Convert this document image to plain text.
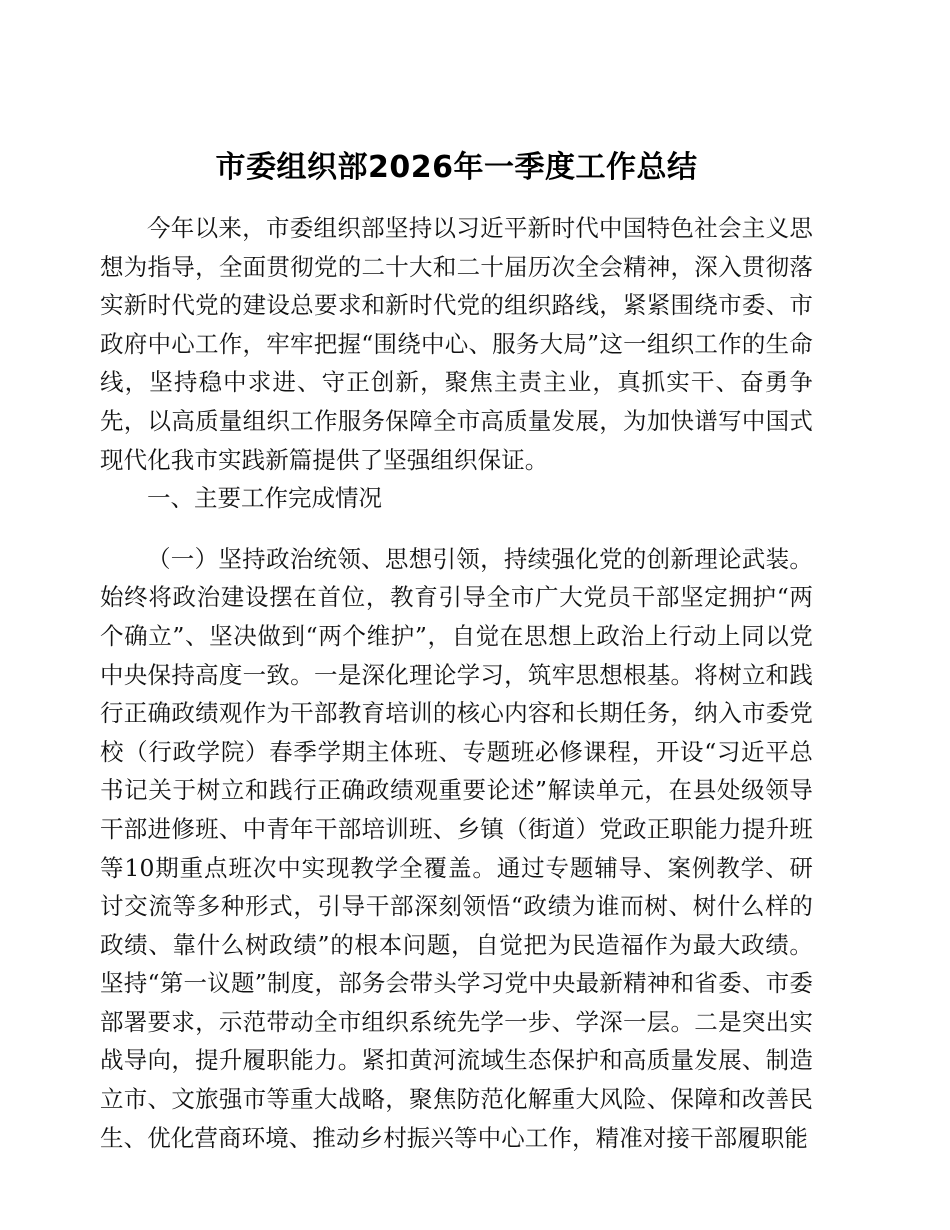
市委组织部2026年一季度工作总结

今年以来，市委组织部坚持以习近平新时代中国特色社会主义思想为指导，全面贯彻党的二十大和二十届历次全会精神，深入贯彻落实新时代党的建设总要求和新时代党的组织路线，紧紧围绕市委、市政府中心工作，牢牢把握“围绕中心、服务大局”这一组织工作的生命线，坚持稳中求进、守正创新，聚焦主责主业，真抓实干、奋勇争先，以高质量组织工作服务保障全市高质量发展，为加快谱写中国式现代化我市实践新篇提供了坚强组织保证。

一、主要工作完成情况

（一）坚持政治统领、思想引领，持续强化党的创新理论武装。始终将政治建设摆在首位，教育引导全市广大党员干部坚定拥护“两个确立”、坚决做到“两个维护”，自觉在思想上政治上行动上同以党中央保持高度一致。一是深化理论学习，筑牢思想根基。将树立和践行正确政绩观作为干部教育培训的核心内容和长期任务，纳入市委党校（行政学院）春季学期主体班、专题班必修课程，开设“习近平总书记关于树立和践行正确政绩观重要论述”解读单元，在县处级领导干部进修班、中青年干部培训班、乡镇（街道）党政正职能力提升班等10期重点班次中实现教学全覆盖。通过专题辅导、案例教学、研讨交流等多种形式，引导干部深刻领悟“政绩为谁而树、树什么样的政绩、靠什么树政绩”的根本问题，自觉把为民造福作为最大政绩。坚持“第一议题”制度，部务会带头学习党中央最新精神和省委、市委部署要求，示范带动全市组织系统先学一步、学深一层。二是突出实战导向，提升履职能力。紧扣黄河流域生态保护和高质量发展、制造立市、文旅强市等重大战略，聚焦防范化解重大风险、保障和改善民生、优化营商环境、推动乡村振兴等中心工作，精准对接干部履职能
